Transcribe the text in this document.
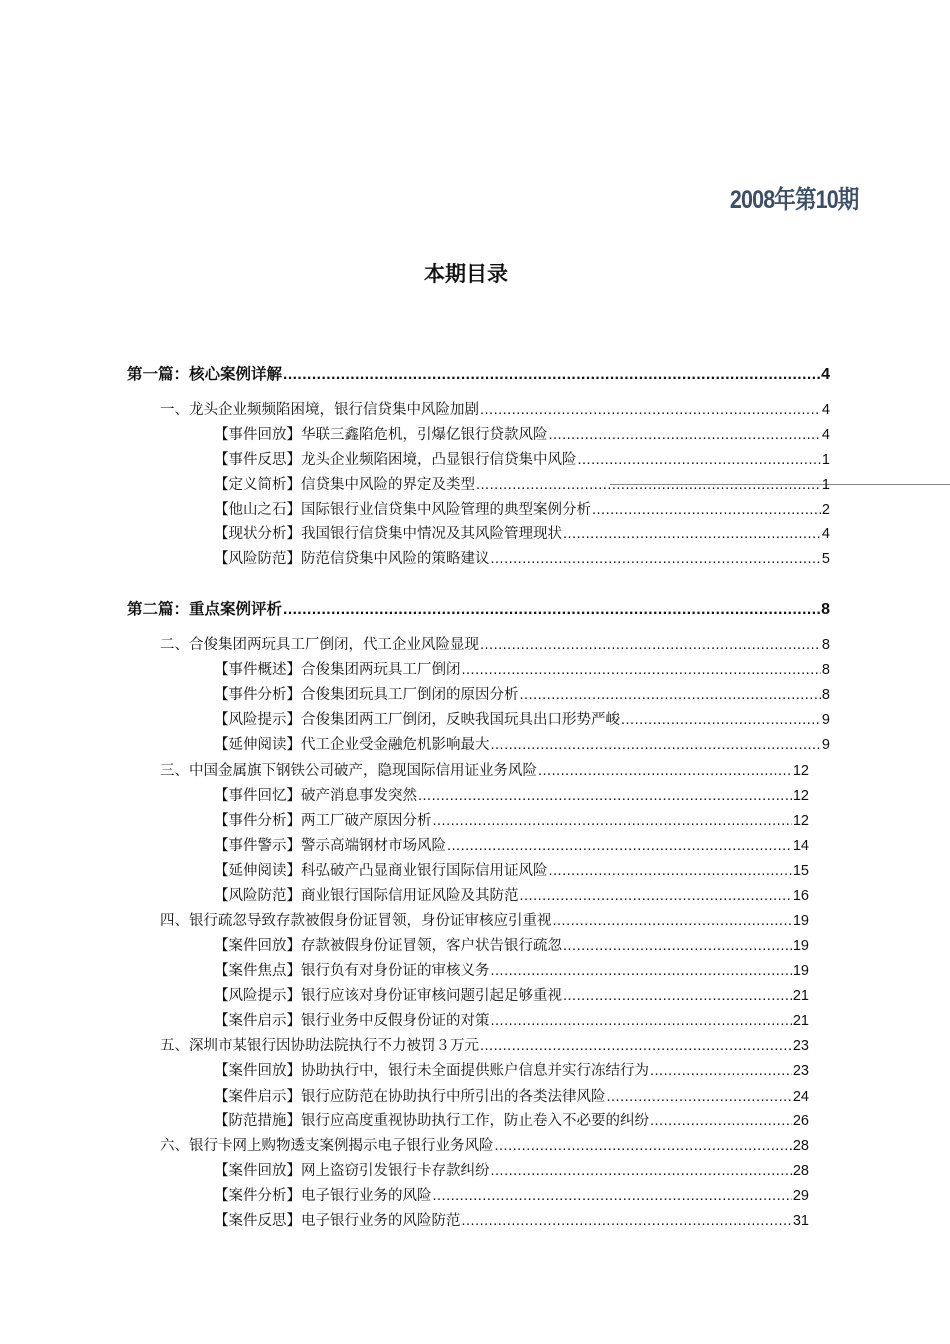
2008年第10期
本期目录
第一篇：核心案例详解 .....	4
一、龙头企业频频陷困境，银行信贷集中风险加剧 .....	4
【事件回放】华联三鑫陷危机，引爆亿银行贷款风险 .....	4
【事件反思】龙头企业频陷困境，凸显银行信贷集中风险 .....	1
【定义简析】信贷集中风险的界定及类型 .....	1
【他山之石】国际银行业信贷集中风险管理的典型案例分析 .....	2
【现状分析】我国银行信贷集中情况及其风险管理现状 .....	4
【风险防范】防范信贷集中风险的策略建议 .....	5
第二篇：重点案例评析 .....	8
二、合俊集团两玩具工厂倒闭，代工企业风险显现 .....	8
【事件概述】合俊集团两玩具工厂倒闭 .....	8
【事件分析】合俊集团玩具工厂倒闭的原因分析 .....	8
【风险提示】合俊集团两工厂倒闭，反映我国玩具出口形势严峻 .....	9
【延伸阅读】代工企业受金融危机影响最大 .....	9
三、中国金属旗下钢铁公司破产，隐现国际信用证业务风险 .....	12
【事件回忆】破产消息事发突然 .....	12
【事件分析】两工厂破产原因分析 .....	12
【事件警示】警示高端钢材市场风险 .....	14
【延伸阅读】科弘破产凸显商业银行国际信用证风险 .....	15
【风险防范】商业银行国际信用证风险及其防范 .....	16
四、银行疏忽导致存款被假身份证冒领，身份证审核应引重视 .....	19
【案件回放】存款被假身份证冒领，客户状告银行疏忽 .....	19
【案件焦点】银行负有对身份证的审核义务 .....	19
【风险提示】银行应该对身份证审核问题引起足够重视 .....	21
【案件启示】银行业务中反假身份证的对策 .....	21
五、深圳市某银行因协助法院执行不力被罚３万元 .....	23
【案件回放】协助执行中，银行未全面提供账户信息并实行冻结行为 .....	23
【案件启示】银行应防范在协助执行中所引出的各类法律风险 .....	24
【防范措施】银行应高度重视协助执行工作，防止卷入不必要的纠纷 .....	26
六、银行卡网上购物透支案例揭示电子银行业务风险 .....	28
【案件回放】网上盗窃引发银行卡存款纠纷 .....	28
【案件分析】电子银行业务的风险 .....	29
【案件反思】电子银行业务的风险防范 .....	31
